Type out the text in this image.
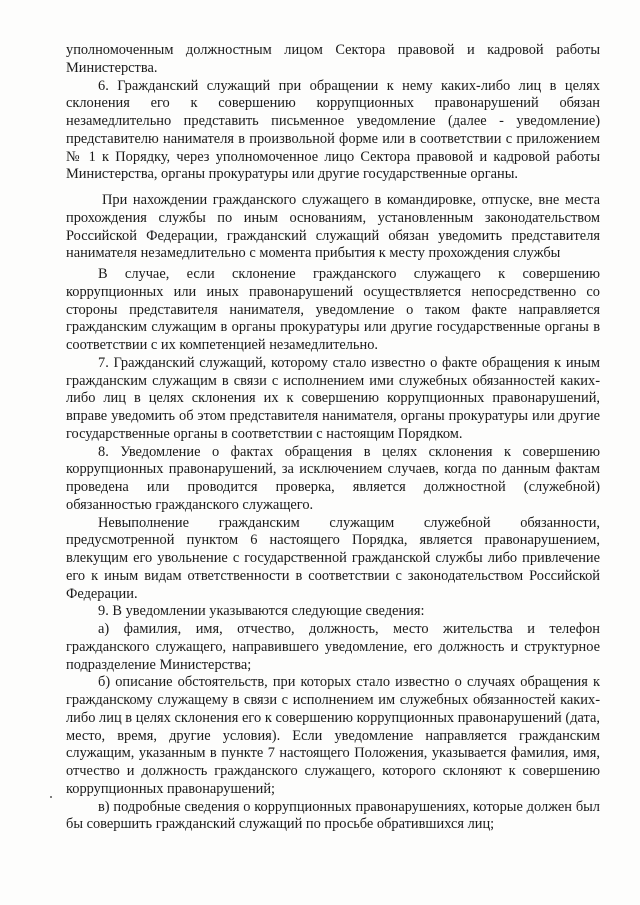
уполномоченным должностным лицом Сектора правовой и кадровой работы Министерства.

6. Гражданский служащий при обращении к нему каких-либо лиц в целях склонения его к совершению коррупционных правонарушений обязан незамедлительно представить письменное уведомление (далее - уведомление) представителю нанимателя в произвольной форме или в соответствии с приложением № 1 к Порядку, через уполномоченное лицо Сектора правовой и кадровой работы Министерства, органы прокуратуры или другие государственные органы.

При нахождении гражданского служащего в командировке, отпуске, вне места прохождения службы по иным основаниям, установленным законодательством Российской Федерации, гражданский служащий обязан уведомить представителя нанимателя незамедлительно с момента прибытия к месту прохождения службы

В случае, если склонение гражданского служащего к совершению коррупционных или иных правонарушений осуществляется непосредственно со стороны представителя нанимателя, уведомление о таком факте направляется гражданским служащим в органы прокуратуры или другие государственные органы в соответствии с их компетенцией незамедлительно.

7. Гражданский служащий, которому стало известно о факте обращения к иным гражданским служащим в связи с исполнением ими служебных обязанностей каких-либо лиц в целях склонения их к совершению коррупционных правонарушений, вправе уведомить об этом представителя нанимателя, органы прокуратуры или другие государственные органы в соответствии с настоящим Порядком.

8. Уведомление о фактах обращения в целях склонения к совершению коррупционных правонарушений, за исключением случаев, когда по данным фактам проведена или проводится проверка, является должностной (служебной) обязанностью гражданского служащего.

Невыполнение гражданским служащим служебной обязанности, предусмотренной пунктом 6 настоящего Порядка, является правонарушением, влекущим его увольнение с государственной гражданской службы либо привлечение его к иным видам ответственности в соответствии с законодательством Российской Федерации.

9. В уведомлении указываются следующие сведения:

а) фамилия, имя, отчество, должность, место жительства и телефон гражданского служащего, направившего уведомление, его должность и структурное подразделение Министерства;

б) описание обстоятельств, при которых стало известно о случаях обращения к гражданскому служащему в связи с исполнением им служебных обязанностей каких-либо лиц в целях склонения его к совершению коррупционных правонарушений (дата, место, время, другие условия). Если уведомление направляется гражданским служащим, указанным в пункте 7 настоящего Положения, указывается фамилия, имя, отчество и должность гражданского служащего, которого склоняют к совершению коррупционных правонарушений;

в) подробные сведения о коррупционных правонарушениях, которые должен был бы совершить гражданский служащий по просьбе обратившихся лиц;
